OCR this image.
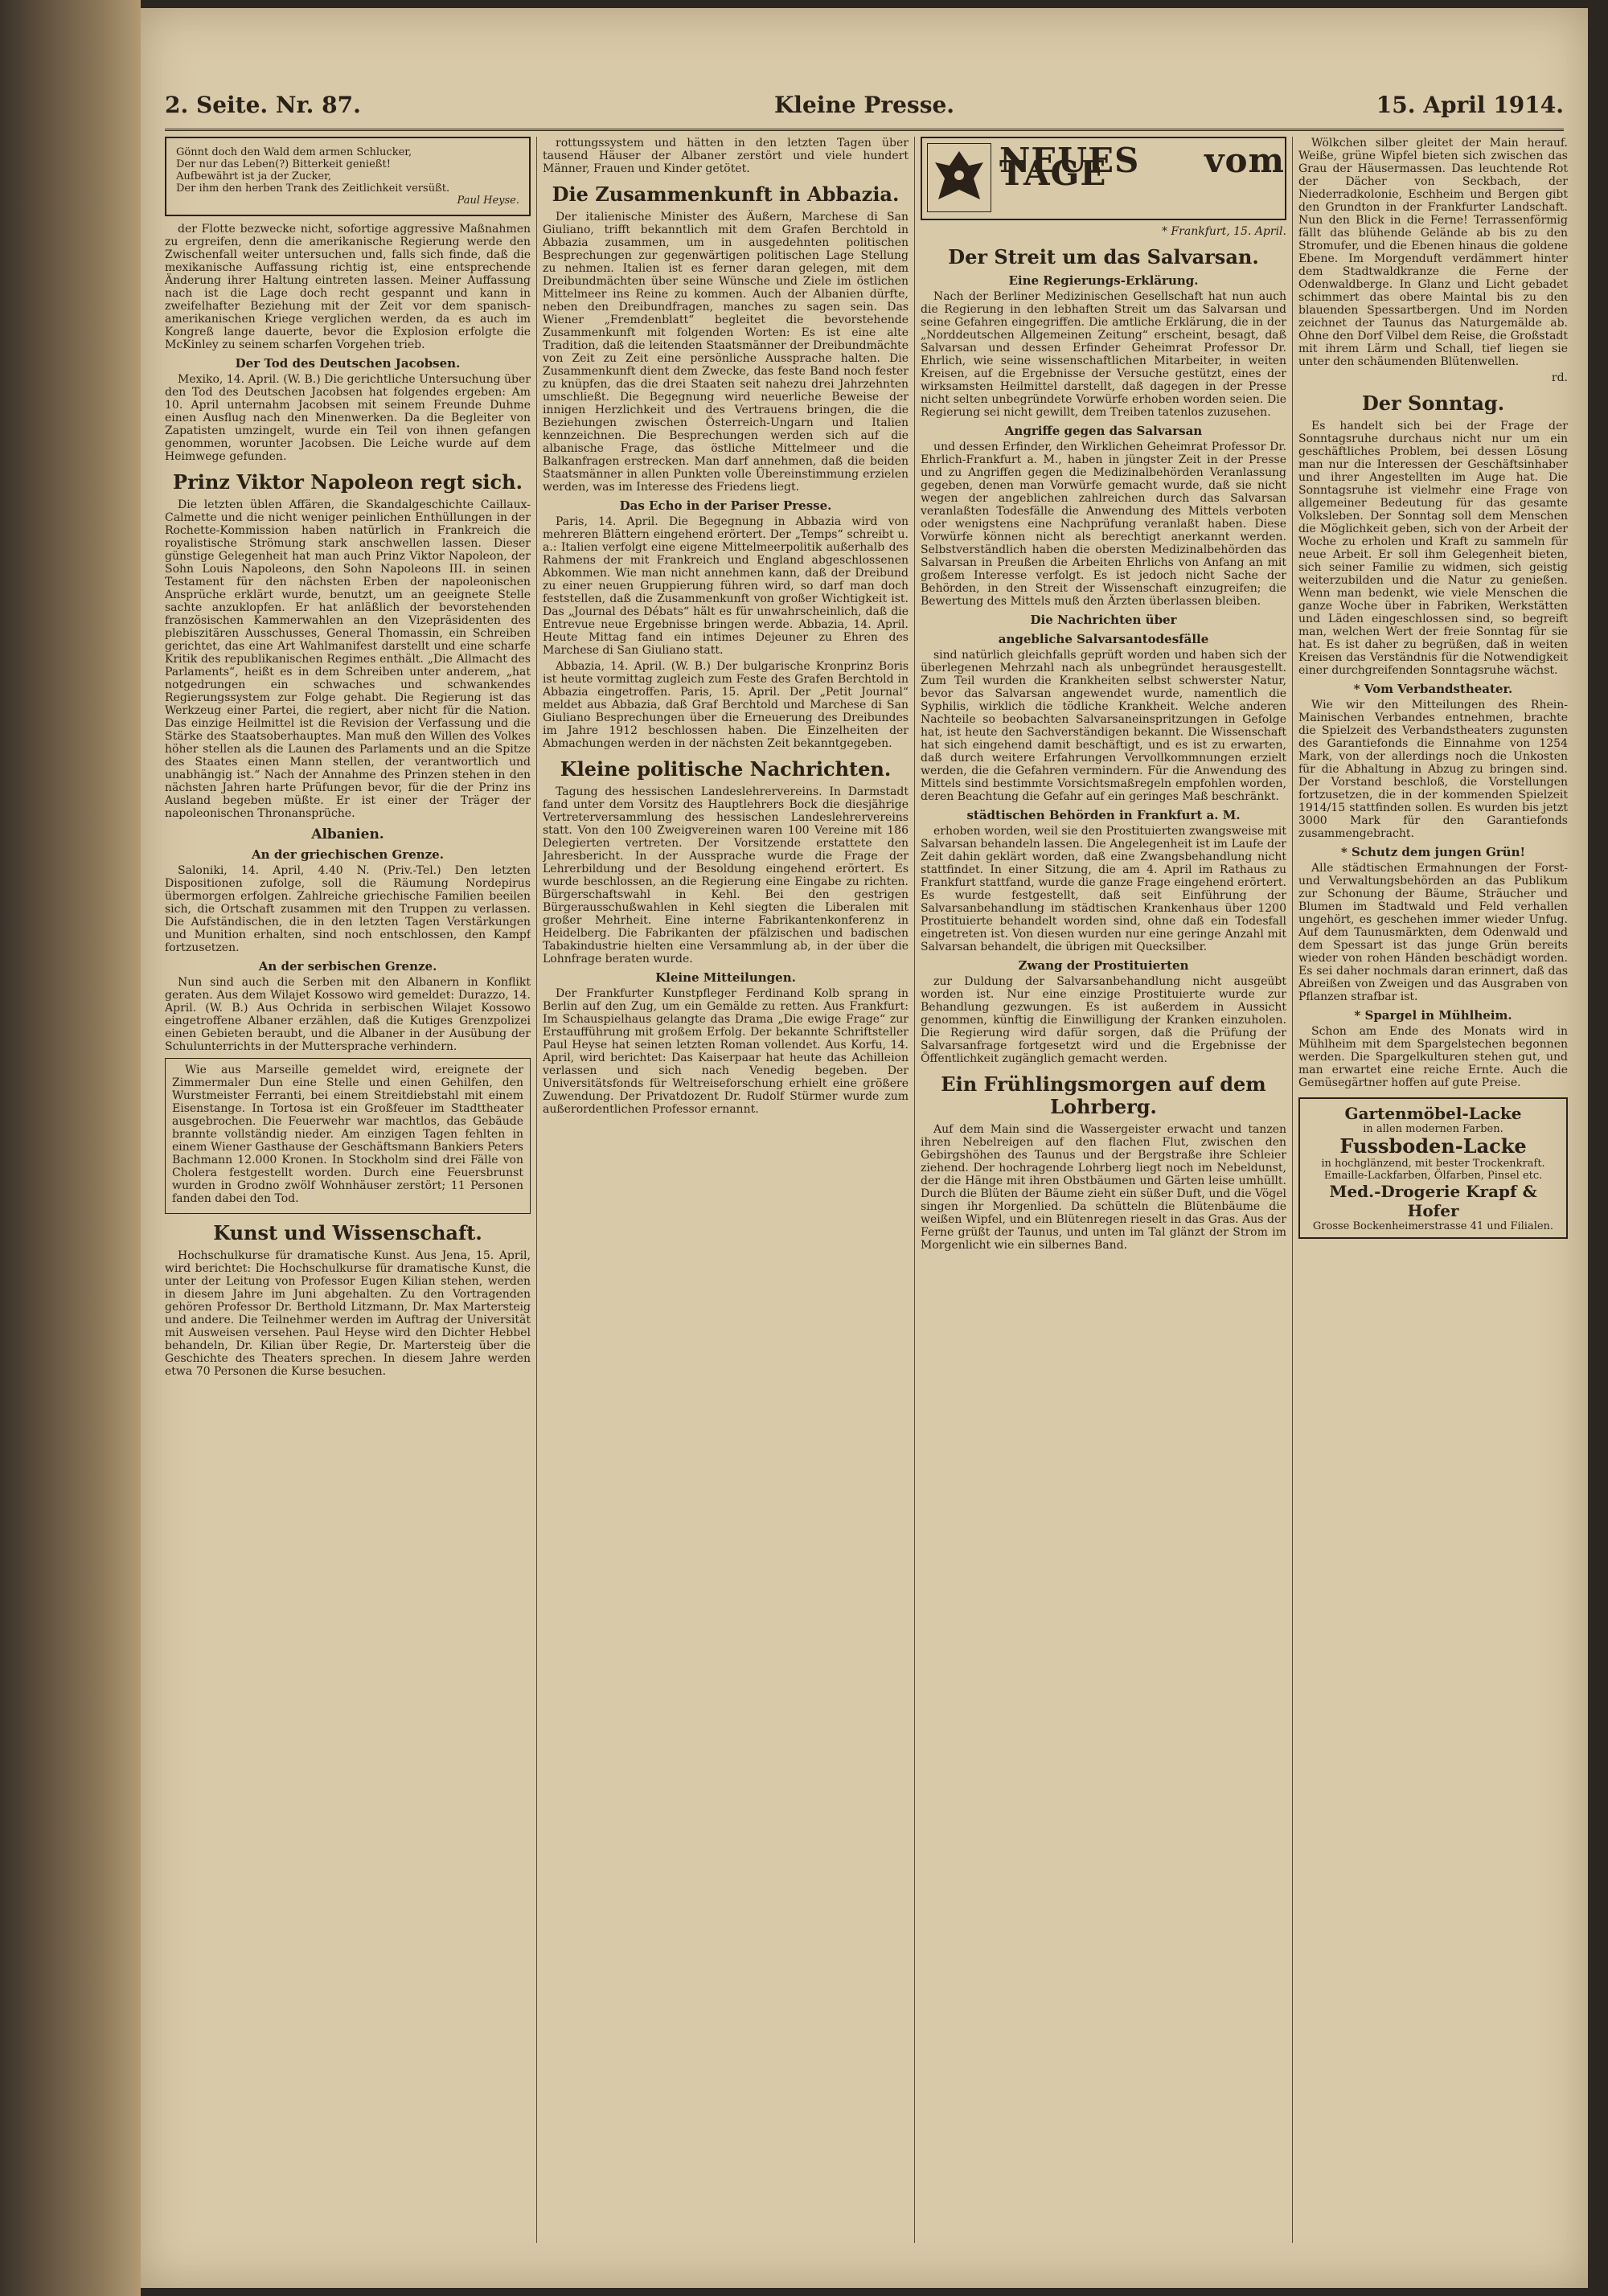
2. Seite. Nr. 87.	Kleine Presse.	15. April 1914.
Gönnt doch den Wald dem armen Schlucker,
Der nur das Leben(?) Bitterkeit genießt!
Aufbewährt ist ja der Zucker,
Der ihm den herben Trank des Zeitlichkeit versüßt.
Paul Heyse.

der Flotte bezwecke nicht, sofortige aggressive Maßnahmen zu ergreifen, denn die amerikanische Regierung werde den Zwischenfall weiter untersuchen und, falls sich finde, daß die mexikanische Auffassung richtig ist, eine entsprechende Änderung ihrer Haltung eintreten lassen. Meiner Auffassung nach ist die Lage doch recht gespannt und kann in zweifelhafter Beziehung mit der Zeit vor dem spanisch-amerikanischen Kriege verglichen werden, da es auch im Kongreß lange dauerte, bevor die Explosion erfolgte die McKinley zu seinem scharfen Vorgehen trieb.

Der Tod des Deutschen Jacobsen.

Mexiko, 14. April. (W. B.) Die gerichtliche Untersuchung über den Tod des Deutschen Jacobsen hat folgendes ergeben: Am 10. April unternahm Jacobsen mit seinem Freunde Duhme einen Ausflug nach den Minenwerken. Da die Begleiter von Zapatisten umzingelt, wurde ein Teil von ihnen gefangen genommen, worunter Jacobsen. Die Leiche wurde auf dem Heimwege gefunden.

Prinz Viktor Napoleon regt sich.

Die letzten üblen Affären, die Skandalgeschichte Caillaux-Calmette und die nicht weniger peinlichen Enthüllungen in der Rochette-Kommission haben natürlich in Frankreich die royalistische Strömung stark anschwellen lassen. Dieser günstige Gelegenheit hat man auch Prinz Viktor Napoleon, der Sohn Louis Napoleons, den Sohn Napoleons III. in seinen Testament für den nächsten Erben der napoleonischen Ansprüche erklärt wurde, benutzt, um an geeignete Stelle sachte anzuklopfen. Er hat anläßlich der bevorstehenden französischen Kammerwahlen an den Vizepräsidenten des plebiszitären Ausschusses, General Thomassin, ein Schreiben gerichtet, das eine Art Wahlmanifest darstellt und eine scharfe Kritik des republikanischen Regimes enthält. „Die Allmacht des Parlaments“, heißt es in dem Schreiben unter anderem, „hat notgedrungen ein schwaches und schwankendes Regierungssystem zur Folge gehabt. Die Regierung ist das Werkzeug einer Partei, die regiert, aber nicht für die Nation. Das einzige Heilmittel ist die Revision der Verfassung und die Stärke des Staatsoberhauptes. Man muß den Willen des Volkes höher stellen als die Launen des Parlaments und an die Spitze des Staates einen Mann stellen, der verantwortlich und unabhängig ist.“ Nach der Annahme des Prinzen stehen in den nächsten Jahren harte Prüfungen bevor, für die der Prinz ins Ausland begeben müßte. Er ist einer der Träger der napoleonischen Thronansprüche.

Albanien.
An der griechischen Grenze.

Saloniki, 14. April, 4.40 N. (Priv.-Tel.) Den letzten Dispositionen zufolge, soll die Räumung Nordepirus übermorgen erfolgen. Zahlreiche griechische Familien beeilen sich, die Ortschaft zusammen mit den Truppen zu verlassen. Die Aufständischen, die in den letzten Tagen Verstärkungen und Munition erhalten, sind noch entschlossen, den Kampf fortzusetzen.

An der serbischen Grenze.

Nun sind auch die Serben mit den Albanern in Konflikt geraten. Aus dem Wilajet Kossowo wird gemeldet: Durazzo, 14. April. (W. B.) Aus Ochrida in serbischen Wilajet Kossowo eingetroffene Albaner erzählen, daß die Kutiges Grenzpolizei einen Gebieten beraubt, und die Albaner in der Ausübung der Schulunterrichts in der Muttersprache verhindern.

Wie aus Marseille gemeldet wird, ereignete der Zimmermaler Dun eine Stelle und einen Gehilfen, den Wurstmeister Ferranti, bei einem Streitdiebstahl mit einem Eisenstange. In Tortosa ist ein Großfeuer im Stadttheater ausgebrochen. Die Feuerwehr war machtlos, das Gebäude brannte vollständig nieder. Am einzigen Tagen fehlten in einem Wiener Gasthause der Geschäftsmann Bankiers Peters Bachmann 12.000 Kronen. In Stockholm sind drei Fälle von Cholera festgestellt worden. Durch eine Feuersbrunst wurden in Grodno zwölf Wohnhäuser zerstört; 11 Personen fanden dabei den Tod.

Kunst und Wissenschaft.

Hochschulkurse für dramatische Kunst. Aus Jena, 15. April, wird berichtet: Die Hochschulkurse für dramatische Kunst, die unter der Leitung von Professor Eugen Kilian stehen, werden in diesem Jahre im Juni abgehalten. Zu den Vortragenden gehören Professor Dr. Berthold Litzmann, Dr. Max Martersteig und andere. Die Teilnehmer werden im Auftrag der Universität mit Ausweisen versehen. Paul Heyse wird den Dichter Hebbel behandeln, Dr. Kilian über Regie, Dr. Martersteig über die Geschichte des Theaters sprechen. In diesem Jahre werden etwa 70 Personen die Kurse besuchen.

rottungssystem und hätten in den letzten Tagen über tausend Häuser der Albaner zerstört und viele hundert Männer, Frauen und Kinder getötet.

Die Zusammenkunft in Abbazia.

Der italienische Minister des Äußern, Marchese di San Giuliano, trifft bekanntlich mit dem Grafen Berchtold in Abbazia zusammen, um in ausgedehnten politischen Besprechungen zur gegenwärtigen politischen Lage Stellung zu nehmen. Italien ist es ferner daran gelegen, mit dem Dreibundmächten über seine Wünsche und Ziele im östlichen Mittelmeer ins Reine zu kommen. Auch der Albanien dürfte, neben den Dreibundfragen, manches zu sagen sein. Das Wiener „Fremdenblatt“ begleitet die bevorstehende Zusammenkunft mit folgenden Worten: Es ist eine alte Tradition, daß die leitenden Staatsmänner der Dreibundmächte von Zeit zu Zeit eine persönliche Aussprache halten. Die Zusammenkunft dient dem Zwecke, das feste Band noch fester zu knüpfen, das die drei Staaten seit nahezu drei Jahrzehnten umschließt. Die Begegnung wird neuerliche Beweise der innigen Herzlichkeit und des Vertrauens bringen, die die Beziehungen zwischen Österreich-Ungarn und Italien kennzeichnen. Die Besprechungen werden sich auf die albanische Frage, das östliche Mittelmeer und die Balkanfragen erstrecken. Man darf annehmen, daß die beiden Staatsmänner in allen Punkten volle Übereinstimmung erzielen werden, was im Interesse des Friedens liegt.

Das Echo in der Pariser Presse.

Paris, 14. April. Die Begegnung in Abbazia wird von mehreren Blättern eingehend erörtert. Der „Temps“ schreibt u. a.: Italien verfolgt eine eigene Mittelmeerpolitik außerhalb des Rahmens der mit Frankreich und England abgeschlossenen Abkommen. Wie man nicht annehmen kann, daß der Dreibund zu einer neuen Gruppierung führen wird, so darf man doch feststellen, daß die Zusammenkunft von großer Wichtigkeit ist. Das „Journal des Débats“ hält es für unwahrscheinlich, daß die Entrevue neue Ergebnisse bringen werde. Abbazia, 14. April. Heute Mittag fand ein intimes Dejeuner zu Ehren des Marchese di San Giuliano statt.

Abbazia, 14. April. (W. B.) Der bulgarische Kronprinz Boris ist heute vormittag zugleich zum Feste des Grafen Berchtold in Abbazia eingetroffen. Paris, 15. April. Der „Petit Journal“ meldet aus Abbazia, daß Graf Berchtold und Marchese di San Giuliano Besprechungen über die Erneuerung des Dreibundes im Jahre 1912 beschlossen haben. Die Einzelheiten der Abmachungen werden in der nächsten Zeit bekanntgegeben.

Kleine politische Nachrichten.

Tagung des hessischen Landeslehrervereins. In Darmstadt fand unter dem Vorsitz des Hauptlehrers Bock die diesjährige Vertreterversammlung des hessischen Landeslehrervereins statt. Von den 100 Zweigvereinen waren 100 Vereine mit 186 Delegierten vertreten. Der Vorsitzende erstattete den Jahresbericht. In der Aussprache wurde die Frage der Lehrerbildung und der Besoldung eingehend erörtert. Es wurde beschlossen, an die Regierung eine Eingabe zu richten. Bürgerschaftswahl in Kehl. Bei den gestrigen Bürgerausschußwahlen in Kehl siegten die Liberalen mit großer Mehrheit. Eine interne Fabrikantenkonferenz in Heidelberg. Die Fabrikanten der pfälzischen und badischen Tabakindustrie hielten eine Versammlung ab, in der über die Lohnfrage beraten wurde.

Kleine Mitteilungen.

Der Frankfurter Kunstpfleger Ferdinand Kolb sprang in Berlin auf den Zug, um ein Gemälde zu retten. Aus Frankfurt: Im Schauspielhaus gelangte das Drama „Die ewige Frage“ zur Erstaufführung mit großem Erfolg. Der bekannte Schriftsteller Paul Heyse hat seinen letzten Roman vollendet. Aus Korfu, 14. April, wird berichtet: Das Kaiserpaar hat heute das Achilleion verlassen und sich nach Venedig begeben. Der Universitätsfonds für Weltreiseforschung erhielt eine größere Zuwendung. Der Privatdozent Dr. Rudolf Stürmer wurde zum außerordentlichen Professor ernannt.

NEUES vom TAGE
* Frankfurt, 15. April.
Der Streit um das Salvarsan.
Eine Regierungs-Erklärung.

Nach der Berliner Medizinischen Gesellschaft hat nun auch die Regierung in den lebhaften Streit um das Salvarsan und seine Gefahren eingegriffen. Die amtliche Erklärung, die in der „Norddeutschen Allgemeinen Zeitung“ erscheint, besagt, daß Salvarsan und dessen Erfinder Geheimrat Professor Dr. Ehrlich, wie seine wissenschaftlichen Mitarbeiter, in weiten Kreisen, auf die Ergebnisse der Versuche gestützt, eines der wirksamsten Heilmittel darstellt, daß dagegen in der Presse nicht selten unbegründete Vorwürfe erhoben worden seien. Die Regierung sei nicht gewillt, dem Treiben tatenlos zuzusehen.

Angriffe gegen das Salvarsan

und dessen Erfinder, den Wirklichen Geheimrat Professor Dr. Ehrlich-Frankfurt a. M., haben in jüngster Zeit in der Presse und zu Angriffen gegen die Medizinalbehörden Veranlassung gegeben, denen man Vorwürfe gemacht wurde, daß sie nicht wegen der angeblichen zahlreichen durch das Salvarsan veranlaßten Todesfälle die Anwendung des Mittels verboten oder wenigstens eine Nachprüfung veranlaßt haben. Diese Vorwürfe können nicht als berechtigt anerkannt werden. Selbstverständlich haben die obersten Medizinalbehörden das Salvarsan in Preußen die Arbeiten Ehrlichs von Anfang an mit großem Interesse verfolgt. Es ist jedoch nicht Sache der Behörden, in den Streit der Wissenschaft einzugreifen; die Bewertung des Mittels muß den Ärzten überlassen bleiben.

Die Nachrichten über
angebliche Salvarsantodesfälle

sind natürlich gleichfalls geprüft worden und haben sich der überlegenen Mehrzahl nach als unbegründet herausgestellt. Zum Teil wurden die Krankheiten selbst schwerster Natur, bevor das Salvarsan angewendet wurde, namentlich die Syphilis, wirklich die tödliche Krankheit. Welche anderen Nachteile so beobachten Salvarsaneinspritzungen in Gefolge hat, ist heute den Sachverständigen bekannt. Die Wissenschaft hat sich eingehend damit beschäftigt, und es ist zu erwarten, daß durch weitere Erfahrungen Vervollkommnungen erzielt werden, die die Gefahren vermindern. Für die Anwendung des Mittels sind bestimmte Vorsichtsmaßregeln empfohlen worden, deren Beachtung die Gefahr auf ein geringes Maß beschränkt.

städtischen Behörden in Frankfurt a. M.

erhoben worden, weil sie den Prostituierten zwangsweise mit Salvarsan behandeln lassen. Die Angelegenheit ist im Laufe der Zeit dahin geklärt worden, daß eine Zwangsbehandlung nicht stattfindet. In einer Sitzung, die am 4. April im Rathaus zu Frankfurt stattfand, wurde die ganze Frage eingehend erörtert. Es wurde festgestellt, daß seit Einführung der Salvarsanbehandlung im städtischen Krankenhaus über 1200 Prostituierte behandelt worden sind, ohne daß ein Todesfall eingetreten ist. Von diesen wurden nur eine geringe Anzahl mit Salvarsan behandelt, die übrigen mit Quecksilber.

Zwang der Prostituierten

zur Duldung der Salvarsanbehandlung nicht ausgeübt worden ist. Nur eine einzige Prostituierte wurde zur Behandlung gezwungen. Es ist außerdem in Aussicht genommen, künftig die Einwilligung der Kranken einzuholen. Die Regierung wird dafür sorgen, daß die Prüfung der Salvarsanfrage fortgesetzt wird und die Ergebnisse der Öffentlichkeit zugänglich gemacht werden.

Ein Frühlingsmorgen auf dem Lohrberg.

Auf dem Main sind die Wassergeister erwacht und tanzen ihren Nebelreigen auf den flachen Flut, zwischen den Gebirgshöhen des Taunus und der Bergstraße ihre Schleier ziehend. Der hochragende Lohrberg liegt noch im Nebeldunst, der die Hänge mit ihren Obstbäumen und Gärten leise umhüllt. Durch die Blüten der Bäume zieht ein süßer Duft, und die Vögel singen ihr Morgenlied. Da schütteln die Blütenbäume die weißen Wipfel, und ein Blütenregen rieselt in das Gras. Aus der Ferne grüßt der Taunus, und unten im Tal glänzt der Strom im Morgenlicht wie ein silbernes Band.

Wölkchen silber gleitet der Main herauf. Weiße, grüne Wipfel bieten sich zwischen das Grau der Häusermassen. Das leuchtende Rot der Dächer von Seckbach, der Niederradkolonie, Eschheim und Bergen gibt den Grundton in der Frankfurter Landschaft. Nun den Blick in die Ferne! Terrassenförmig fällt das blühende Gelände ab bis zu den Stromufer, und die Ebenen hinaus die goldene Ebene. Im Morgenduft verdämmert hinter dem Stadtwaldkranze die Ferne der Odenwaldberge. In Glanz und Licht gebadet schimmert das obere Maintal bis zu den blauenden Spessartbergen. Und im Norden zeichnet der Taunus das Naturgemälde ab. Ohne den Dorf Vilbel dem Reise, die Großstadt mit ihrem Lärm und Schall, tief liegen sie unter den schäumenden Blütenwellen.

rd.

Der Sonntag.

Es handelt sich bei der Frage der Sonntagsruhe durchaus nicht nur um ein geschäftliches Problem, bei dessen Lösung man nur die Interessen der Geschäftsinhaber und ihrer Angestellten im Auge hat. Die Sonntagsruhe ist vielmehr eine Frage von allgemeiner Bedeutung für das gesamte Volksleben. Der Sonntag soll dem Menschen die Möglichkeit geben, sich von der Arbeit der Woche zu erholen und Kraft zu sammeln für neue Arbeit. Er soll ihm Gelegenheit bieten, sich seiner Familie zu widmen, sich geistig weiterzubilden und die Natur zu genießen. Wenn man bedenkt, wie viele Menschen die ganze Woche über in Fabriken, Werkstätten und Läden eingeschlossen sind, so begreift man, welchen Wert der freie Sonntag für sie hat. Es ist daher zu begrüßen, daß in weiten Kreisen das Verständnis für die Notwendigkeit einer durchgreifenden Sonntagsruhe wächst.

* Vom Verbandstheater.

Wie wir den Mitteilungen des Rhein-Mainischen Verbandes entnehmen, brachte die Spielzeit des Verbandstheaters zugunsten des Garantiefonds die Einnahme von 1254 Mark, von der allerdings noch die Unkosten für die Abhaltung in Abzug zu bringen sind. Der Vorstand beschloß, die Vorstellungen fortzusetzen, die in der kommenden Spielzeit 1914/15 stattfinden sollen. Es wurden bis jetzt 3000 Mark für den Garantiefonds zusammengebracht.

* Schutz dem jungen Grün!

Alle städtischen Ermahnungen der Forst- und Verwaltungsbehörden an das Publikum zur Schonung der Bäume, Sträucher und Blumen im Stadtwald und Feld verhallen ungehört, es geschehen immer wieder Unfug. Auf dem Taunusmärkten, dem Odenwald und dem Spessart ist das junge Grün bereits wieder von rohen Händen beschädigt worden. Es sei daher nochmals daran erinnert, daß das Abreißen von Zweigen und das Ausgraben von Pflanzen strafbar ist.

* Spargel in Mühlheim.

Schon am Ende des Monats wird in Mühlheim mit dem Spargelstechen begonnen werden. Die Spargelkulturen stehen gut, und man erwartet eine reiche Ernte. Auch die Gemüsegärtner hoffen auf gute Preise.

Gartenmöbel-Lacke
in allen modernen Farben.
Fussboden-Lacke
in hochglänzend, mit bester Trockenkraft.
Emaille-Lackfarben, Ölfarben, Pinsel etc.
Med.-Drogerie Krapf & Hofer
Grosse Bockenheimerstrasse 41 und Filialen.
